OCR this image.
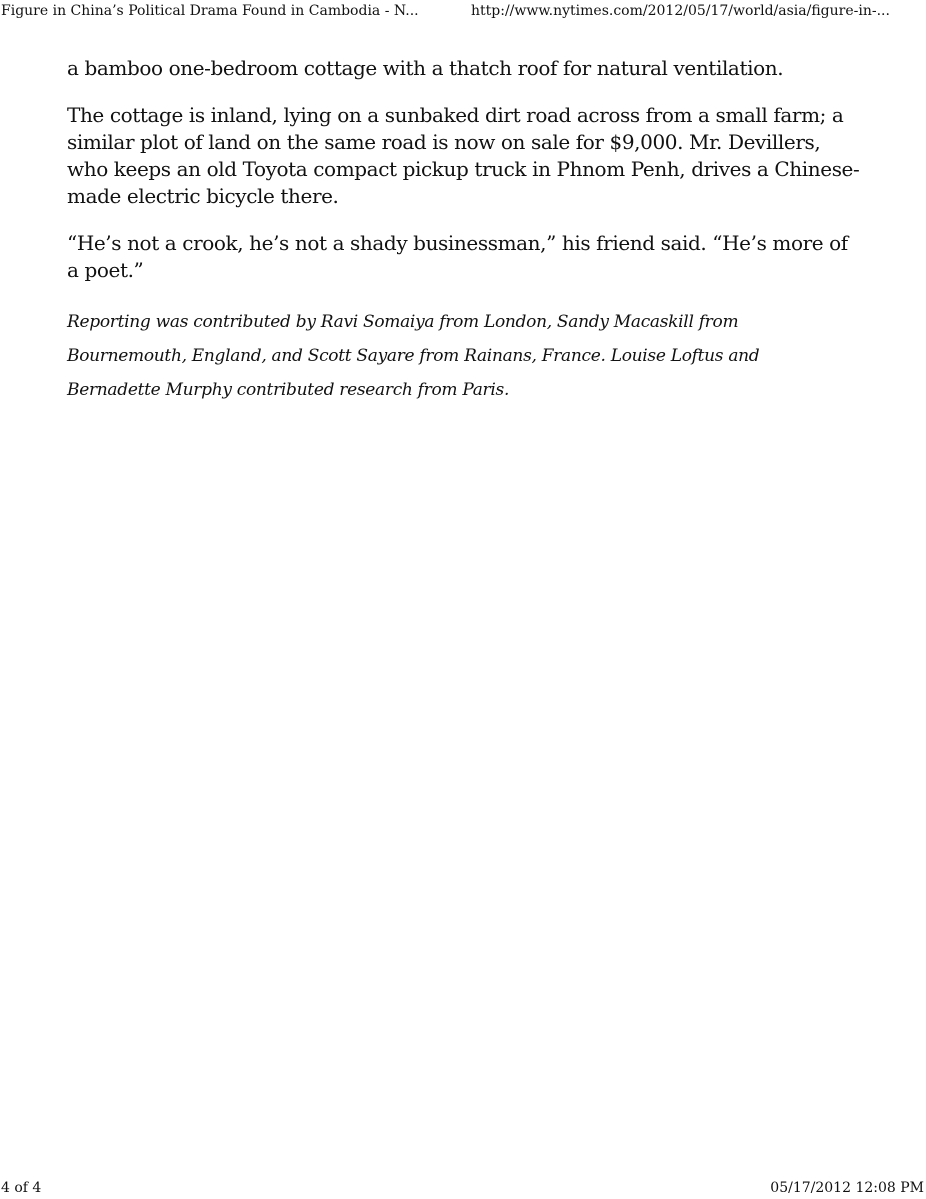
Figure in China’s Political Drama Found in Cambodia - N...	http://www.nytimes.com/2012/05/17/world/asia/figure-in-...

a bamboo one-bedroom cottage with a thatch roof for natural ventilation.

The cottage is inland, lying on a sunbaked dirt road across from a small farm; a similar plot of land on the same road is now on sale for $9,000. Mr. Devillers, who keeps an old Toyota compact pickup truck in Phnom Penh, drives a Chinese-made electric bicycle there.

“He’s not a crook, he’s not a shady businessman,” his friend said. “He’s more of a poet.”

Reporting was contributed by Ravi Somaiya from London, Sandy Macaskill from Bournemouth, England, and Scott Sayare from Rainans, France. Louise Loftus and Bernadette Murphy contributed research from Paris.

4 of 4	05/17/2012 12:08 PM
